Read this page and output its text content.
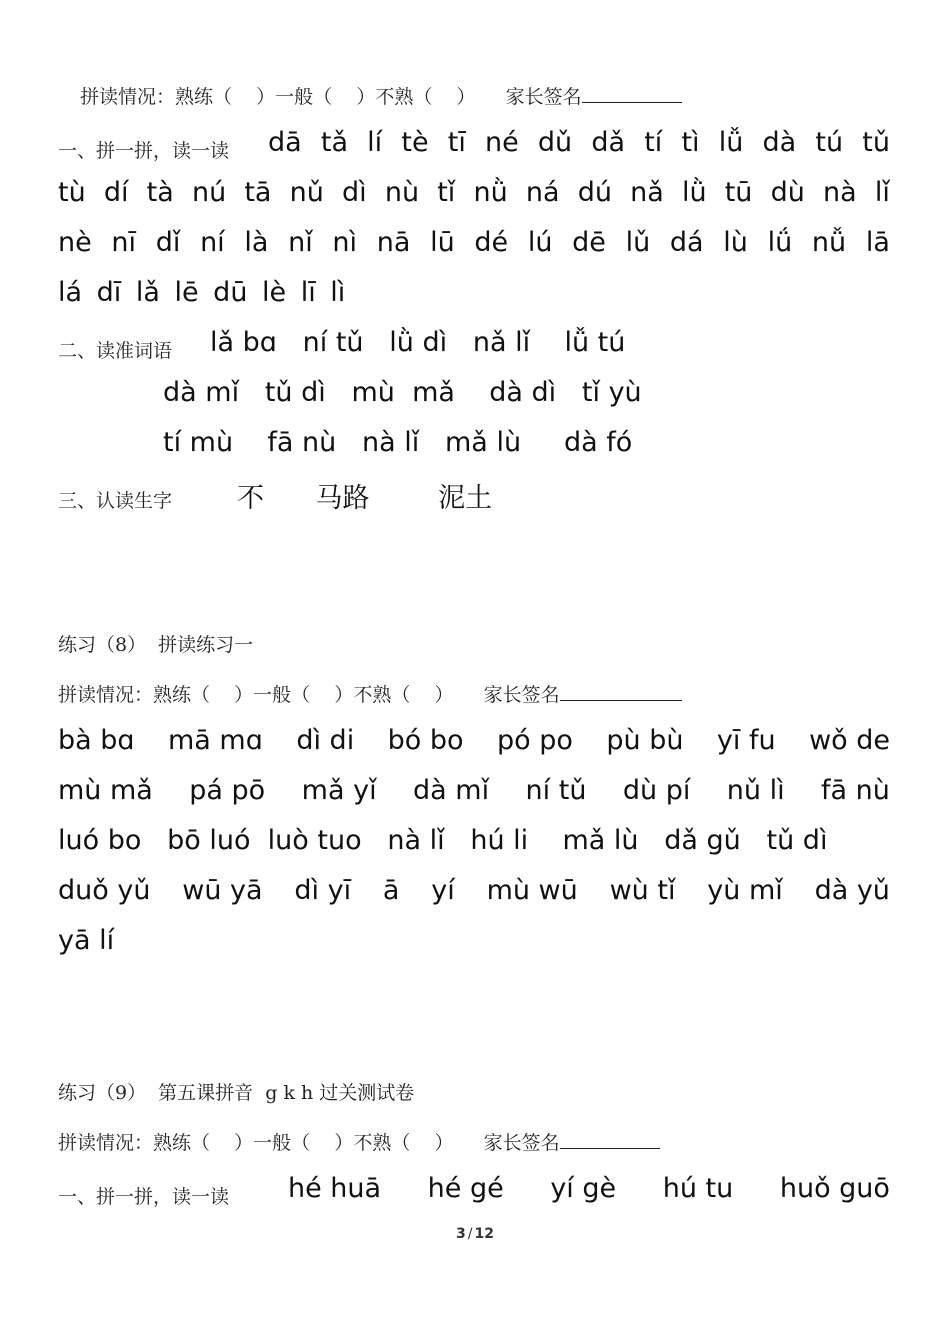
拼读情况：熟练（    ）一般（    ）不熟（    ）     家长签名
一、拼一拼，读一读 dā tǎ lí tè tī né dǔ dǎ tí tì lǚ dà tú tǔ
tù dí tà nú tā nǔ dì nù tǐ nǜ ná dú nǎ lǜ tū dù nà lǐ
nè nī dǐ ní là nǐ nì nā lū dé lú dē lǔ dá lù lǘ nǚ lā
lá dī lǎ lē dū lè lī lì
二、读准词语 lǎ bɑ   ní tǔ   lǜ dì   nǎ lǐ    lǚ tú
dà mǐ   tǔ dì   mù  mǎ    dà dì   tǐ yù
tí mù    fā nù   nà lǐ   mǎ lù     dà fó
三、认读生字 不      马路        泥土
练习（8）  拼读练习一
拼读情况：熟练（    ）一般（    ）不熟（    ）     家长签名
bà bɑ mā mɑ dì di bó bo pó po pù bù yī fu wǒ de
mù mǎ pá pō mǎ yǐ dà mǐ ní tǔ dù pí nǔ lì fā nù
luó bo   bō luó  luò tuo   nà lǐ   hú li    mǎ lù   dǎ gǔ   tǔ dì
duǒ yǔ wū yā dì yī ā yí mù wū wù tǐ yù mǐ dà yǔ
yā lí
练习（9）  第五课拼音  g k h 过关测试卷
拼读情况：熟练（    ）一般（    ）不熟（    ）     家长签名
一、拼一拼，读一读 hé huā hé gé yí gè hú tu huǒ guō
3 / 12
